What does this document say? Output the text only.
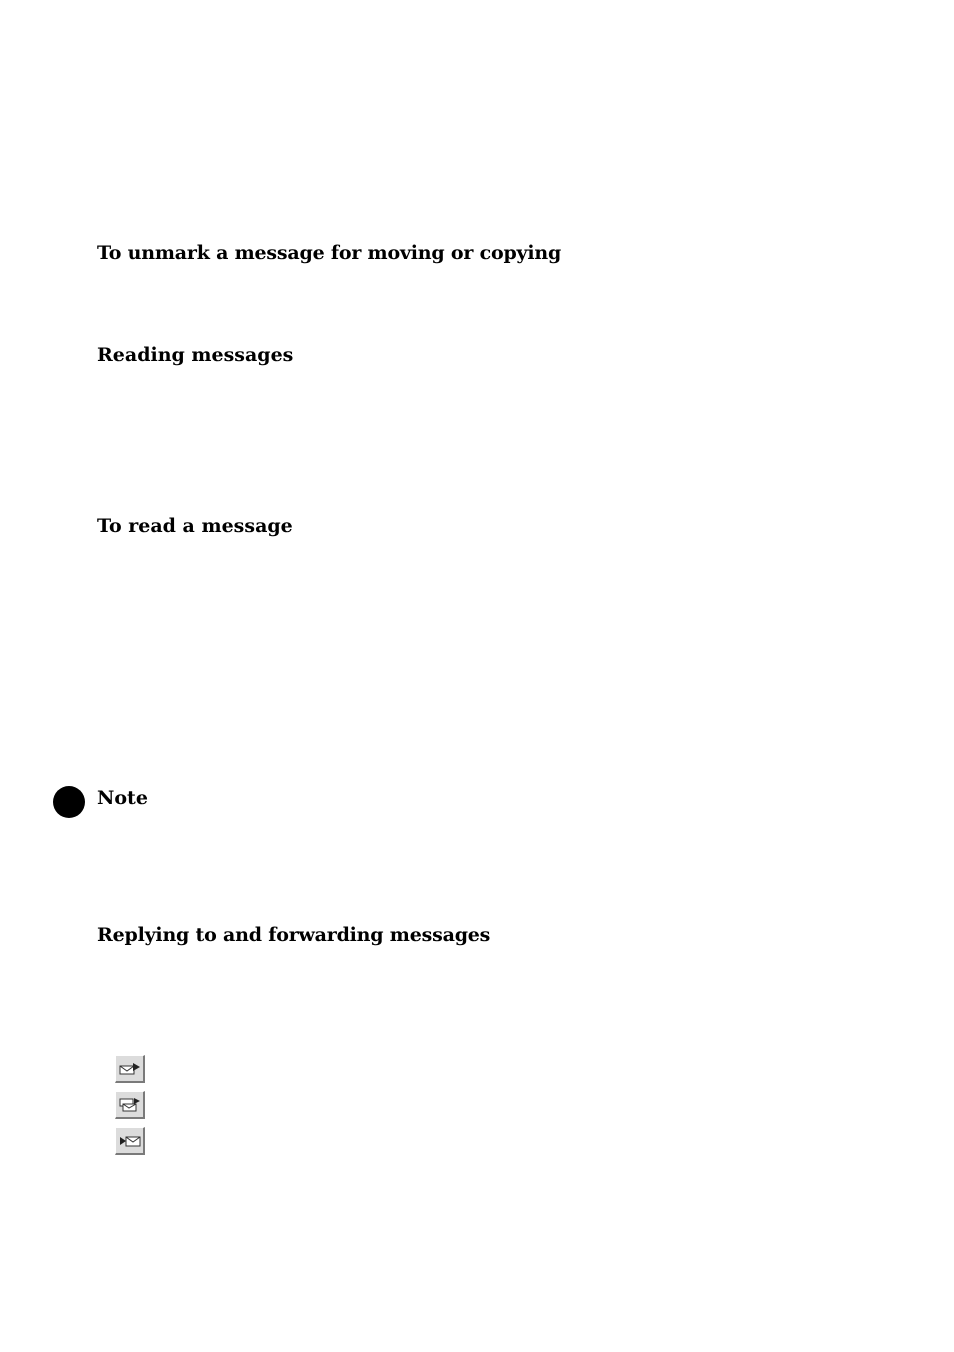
To unmark a message for moving or copying
Reading messages
To read a message
Note
Replying to and forwarding messages
